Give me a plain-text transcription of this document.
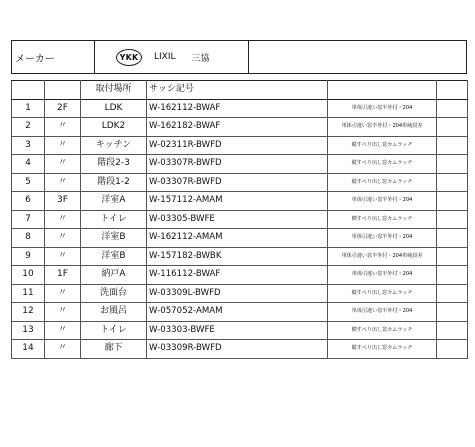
メーカー	YKK LIXIL 三協
		取付場所	サッシ記号		
1	2F	LDK	W-162112-BWAF	単体引違い窓半外付・204	
2	〃	LDK2	W-162182-BWAF	単体引違い窓半外付・204単純段差	
3	〃	キッチン	W-02311R-BWFD	縦すべり出し窓カムラッチ	
4	〃	階段2-3	W-03307R-BWFD	縦すべり出し窓カムラッチ	
5	〃	階段1-2	W-03307R-BWFD	縦すべり出し窓カムラッチ	
6	3F	洋室A	W-157112-AMAM	単体引違い窓半外付・204	
7	〃	トイレ	W-03305-BWFE	横すべり出し窓カムラッチ	
8	〃	洋室B	W-162112-AMAM	単体引違い窓半外付・204	
9	〃	洋室B	W-157182-BWBK	単体引違い窓半外付・204単純段差	
10	1F	納戸A	W-116112-BWAF	単体引違い窓半外付・204	
11	〃	洗面台	W-03309L-BWFD	縦すべり出し窓カムラッチ	
12	〃	お風呂	W-057052-AMAM	単体引違い窓半外付・204	
13	〃	トイレ	W-03303-BWFE	横すべり出し窓カムラッチ	
14	〃	廊下	W-03309R-BWFD	縦すべり出し窓カムラッチ	
